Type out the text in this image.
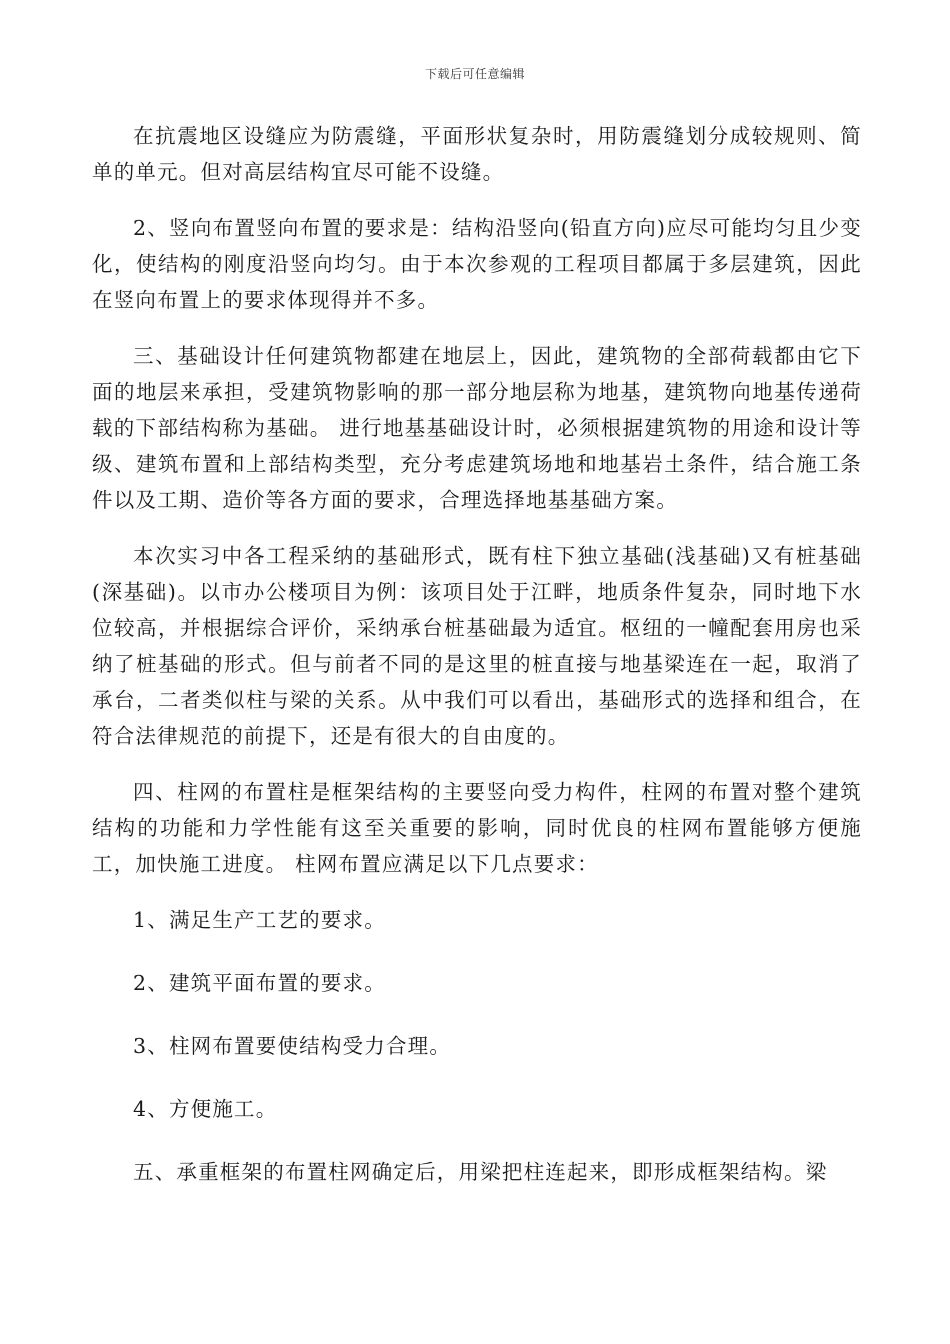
下载后可任意编辑

在抗震地区设缝应为防震缝，平面形状复杂时，用防震缝划分成较规则、简单的单元。但对高层结构宜尽可能不设缝。

2、竖向布置竖向布置的要求是：结构沿竖向(铅直方向)应尽可能均匀且少变化，使结构的刚度沿竖向均匀。由于本次参观的工程项目都属于多层建筑，因此在竖向布置上的要求体现得并不多。

三、基础设计任何建筑物都建在地层上，因此，建筑物的全部荷载都由它下面的地层来承担，受建筑物影响的那一部分地层称为地基，建筑物向地基传递荷载的下部结构称为基础。 进行地基基础设计时，必须根据建筑物的用途和设计等级、建筑布置和上部结构类型，充分考虑建筑场地和地基岩土条件，结合施工条件以及工期、造价等各方面的要求，合理选择地基基础方案。

本次实习中各工程采纳的基础形式，既有柱下独立基础(浅基础)又有桩基础(深基础)。以市办公楼项目为例：该项目处于江畔，地质条件复杂，同时地下水位较高，并根据综合评价，采纳承台桩基础最为适宜。枢纽的一幢配套用房也采纳了桩基础的形式。但与前者不同的是这里的桩直接与地基梁连在一起，取消了承台，二者类似柱与梁的关系。从中我们可以看出，基础形式的选择和组合，在符合法律规范的前提下，还是有很大的自由度的。

四、柱网的布置柱是框架结构的主要竖向受力构件，柱网的布置对整个建筑结构的功能和力学性能有这至关重要的影响，同时优良的柱网布置能够方便施工，加快施工进度。 柱网布置应满足以下几点要求：

1、满足生产工艺的要求。

2、建筑平面布置的要求。

3、柱网布置要使结构受力合理。

4、方便施工。

五、承重框架的布置柱网确定后，用梁把柱连起来，即形成框架结构。梁
